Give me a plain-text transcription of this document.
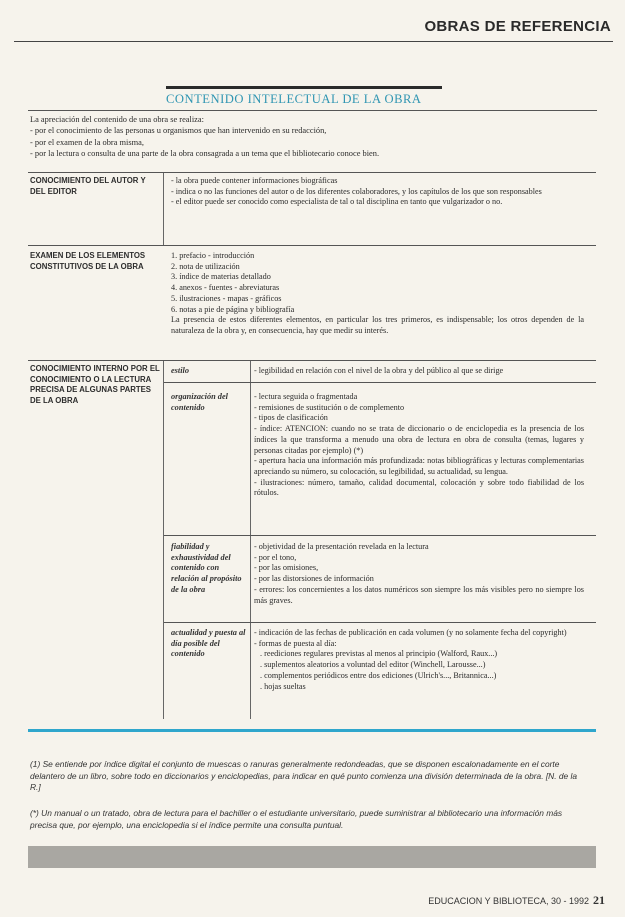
OBRAS DE REFERENCIA
CONTENIDO INTELECTUAL DE LA OBRA

La apreciación del contenido de una obra se realiza:

- por el conocimiento de las personas u organismos que han intervenido en su redacción,

- por el examen de la obra misma,

- por la lectura o consulta de una parte de la obra consagrada a un tema que el bibliotecario conoce bien.

CONOCIMIENTO DEL AUTOR Y DEL EDITOR

- la obra puede contener informaciones biográficas

- indica o no las funciones del autor o de los diferentes colaboradores, y los capítulos de los que son responsables

- el editor puede ser conocido como especialista de tal o tal disciplina en tanto que vulgarizador o no.

EXAMEN DE LOS ELEMENTOS CONSTITUTIVOS DE LA OBRA

1. prefacio - introducción

2. nota de utilización

3. índice de materias detallado

4. anexos - fuentes - abreviaturas

5. ilustraciones - mapas - gráficos

6. notas a pie de página y bibliografía

La presencia de estos diferentes elementos, en particular los tres primeros, es indispensable; los otros dependen de la naturaleza de la obra y, en consecuencia, hay que medir su interés.

CONOCIMIENTO INTERNO POR EL CONOCIMIENTO O LA LECTURA PRECISA DE ALGUNAS PARTES DE LA OBRA
estilo	- legibilidad en relación con el nivel de la obra y del público al que se dirige

organización del contenido

- lectura seguida o fragmentada

- remisiones de sustitución o de complemento

- tipos de clasificación

- índice: ATENCION: cuando no se trata de diccionario o de enciclopedia es la presencia de los índices la que transforma a menudo una obra de lectura en obra de consulta (temas, lugares y personas citadas por ejemplo) (*)

- apertura hacia una información más profundizada: notas bibliográficas y lecturas complementarias apreciando su número, su colocación, su legibilidad, su actualidad, su lengua.

- ilustraciones: número, tamaño, calidad documental, colocación y sobre todo fiabilidad de los rótulos.

fiabilidad y exhaustividad del contenido con relación al propósito de la obra

- objetividad de la presentación revelada en la lectura

- por el tono,

- por las omisiones,

- por las distorsiones de información

- errores: los concernientes a los datos numéricos son siempre los más visibles pero no siempre los más graves.

actualidad y puesta al día posible del contenido

- indicación de las fechas de publicación en cada volumen (y no solamente fecha del copyright)

- formas de puesta al día:

. reediciones regulares previstas al menos al principio (Walford, Raux...)

. suplementos aleatorios a voluntad del editor (Winchell, Larousse...)

. complementos periódicos entre dos ediciones (Ulrich's..., Britannica...)

. hojas sueltas

(1) Se entiende por índice digital el conjunto de muescas o ranuras generalmente redondeadas, que se disponen escalonadamente en el corte delantero de un libro, sobre todo en diccionarios y enciclopedias, para indicar en qué punto comienza una división determinada de la obra. [N. de la R.]
(*) Un manual o un tratado, obra de lectura para el bachiller o el estudiante universitario, puede suministrar al bibliotecario una información más precisa que, por ejemplo, una enciclopedia si el índice permite una consulta puntual.
EDUCACION Y BIBLIOTECA, 30 - 1992 21
